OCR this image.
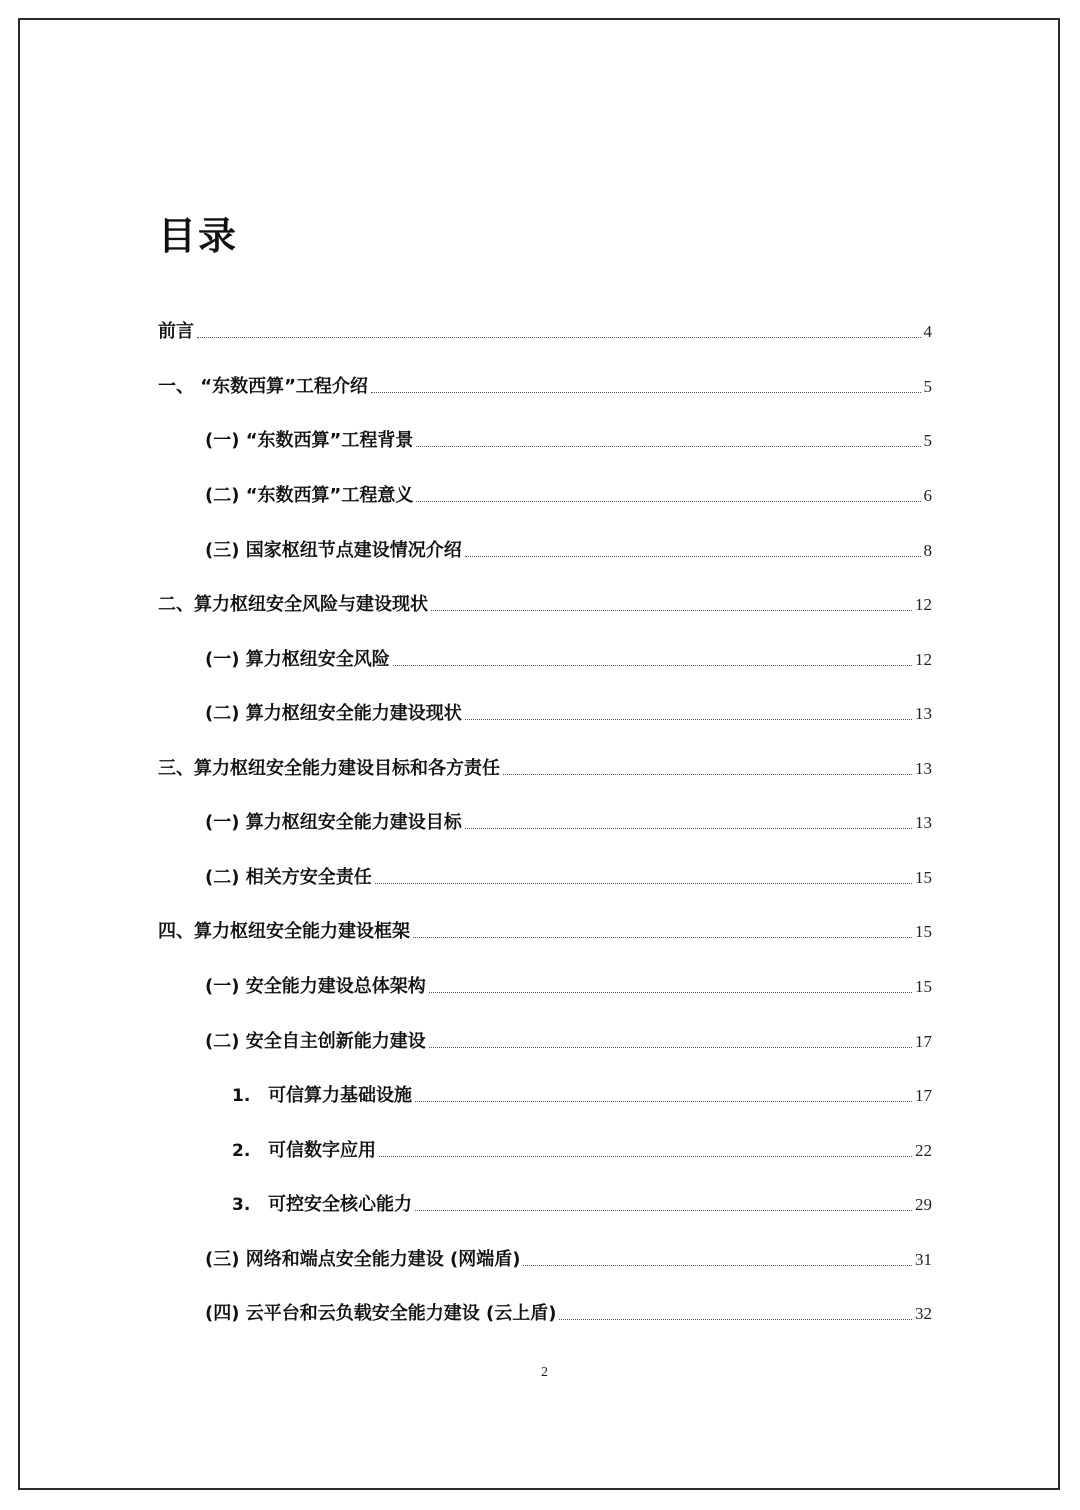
目录
前言	4
一、 “东数西算”工程介绍	5
(一) “东数西算”工程背景	5
(二) “东数西算”工程意义	6
(三) 国家枢纽节点建设情况介绍	8
二、算力枢纽安全风险与建设现状	12
(一) 算力枢纽安全风险	12
(二) 算力枢纽安全能力建设现状	13
三、算力枢纽安全能力建设目标和各方责任	13
(一) 算力枢纽安全能力建设目标	13
(二) 相关方安全责任	15
四、算力枢纽安全能力建设框架	15
(一) 安全能力建设总体架构	15
(二) 安全自主创新能力建设	17
1. 可信算力基础设施	17
2. 可信数字应用	22
3. 可控安全核心能力	29
(三) 网络和端点安全能力建设 (网端盾)	31
(四) 云平台和云负载安全能力建设 (云上盾)	32
2
